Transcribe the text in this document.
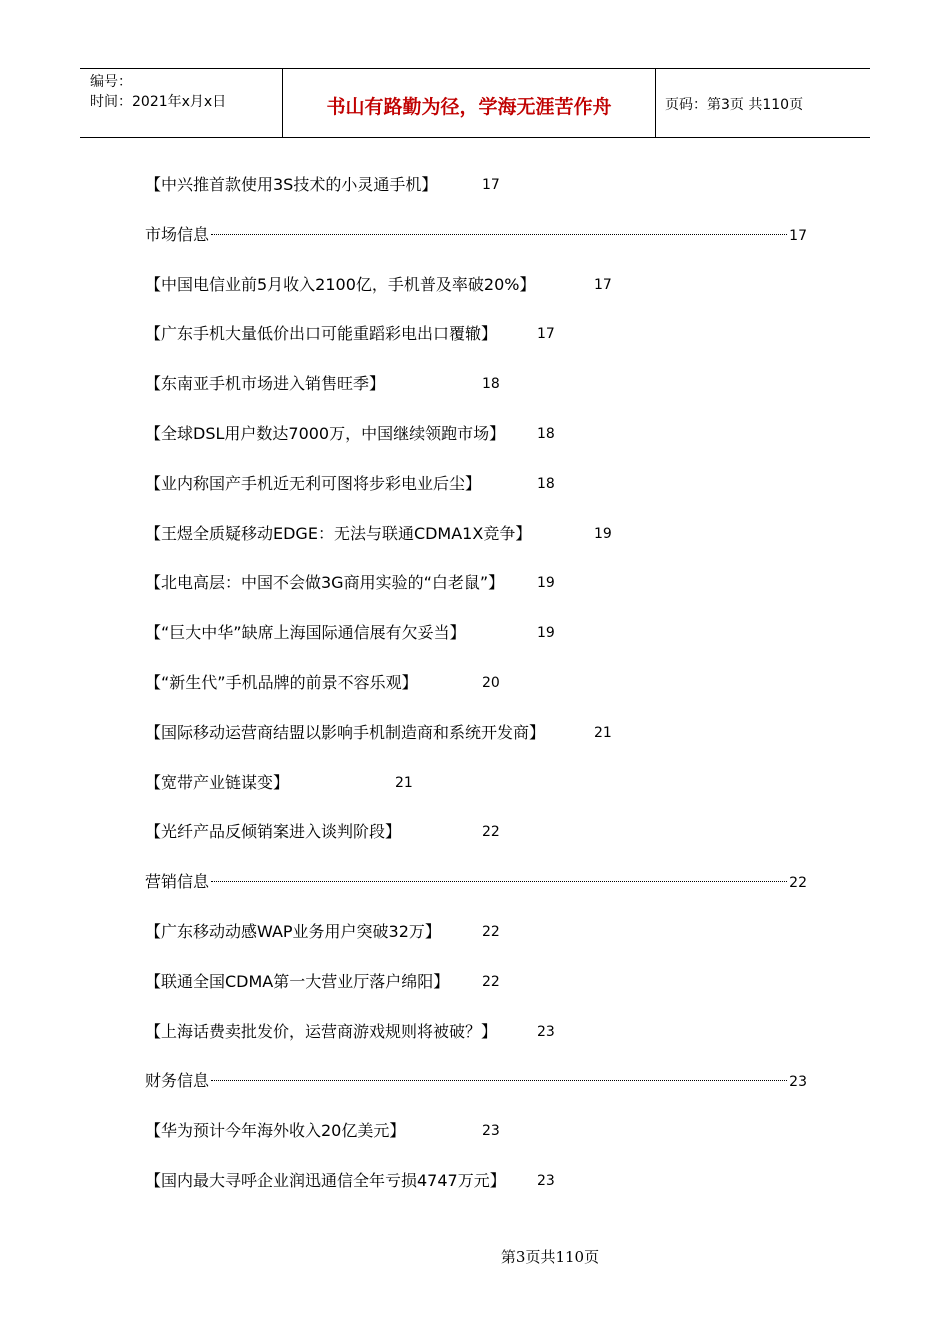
编号：
时间：2021年x月x日	书山有路勤为径，学海无涯苦作舟	页码：第3页 共110页
【中兴推首款使用3S技术的小灵通手机】	17
市场信息	17
【中国电信业前5月收入2100亿，手机普及率破20%】	17
【广东手机大量低价出口可能重蹈彩电出口覆辙】	17
【东南亚手机市场进入销售旺季】	18
【全球DSL用户数达7000万，中国继续领跑市场】 18
【业内称国产手机近无利可图将步彩电业后尘】	18
【王煜全质疑移动EDGE：无法与联通CDMA1X竞争】	19
【北电高层：中国不会做3G商用实验的“白老鼠”】 19
【“巨大中华”缺席上海国际通信展有欠妥当】	19
【“新生代”手机品牌的前景不容乐观】	20
【国际移动运营商结盟以影响手机制造商和系统开发商】	21
【宽带产业链谋变】	21
【光纤产品反倾销案进入谈判阶段】	22
营销信息	22
【广东移动动感WAP业务用户突破32万】	22
【联通全国CDMA第一大营业厅落户绵阳】 22
【上海话费卖批发价，运营商游戏规则将被破？】	23
财务信息	23
【华为预计今年海外收入20亿美元】	23
【国内最大寻呼企业润迅通信全年亏损4747万元】 23
第3页共110页
